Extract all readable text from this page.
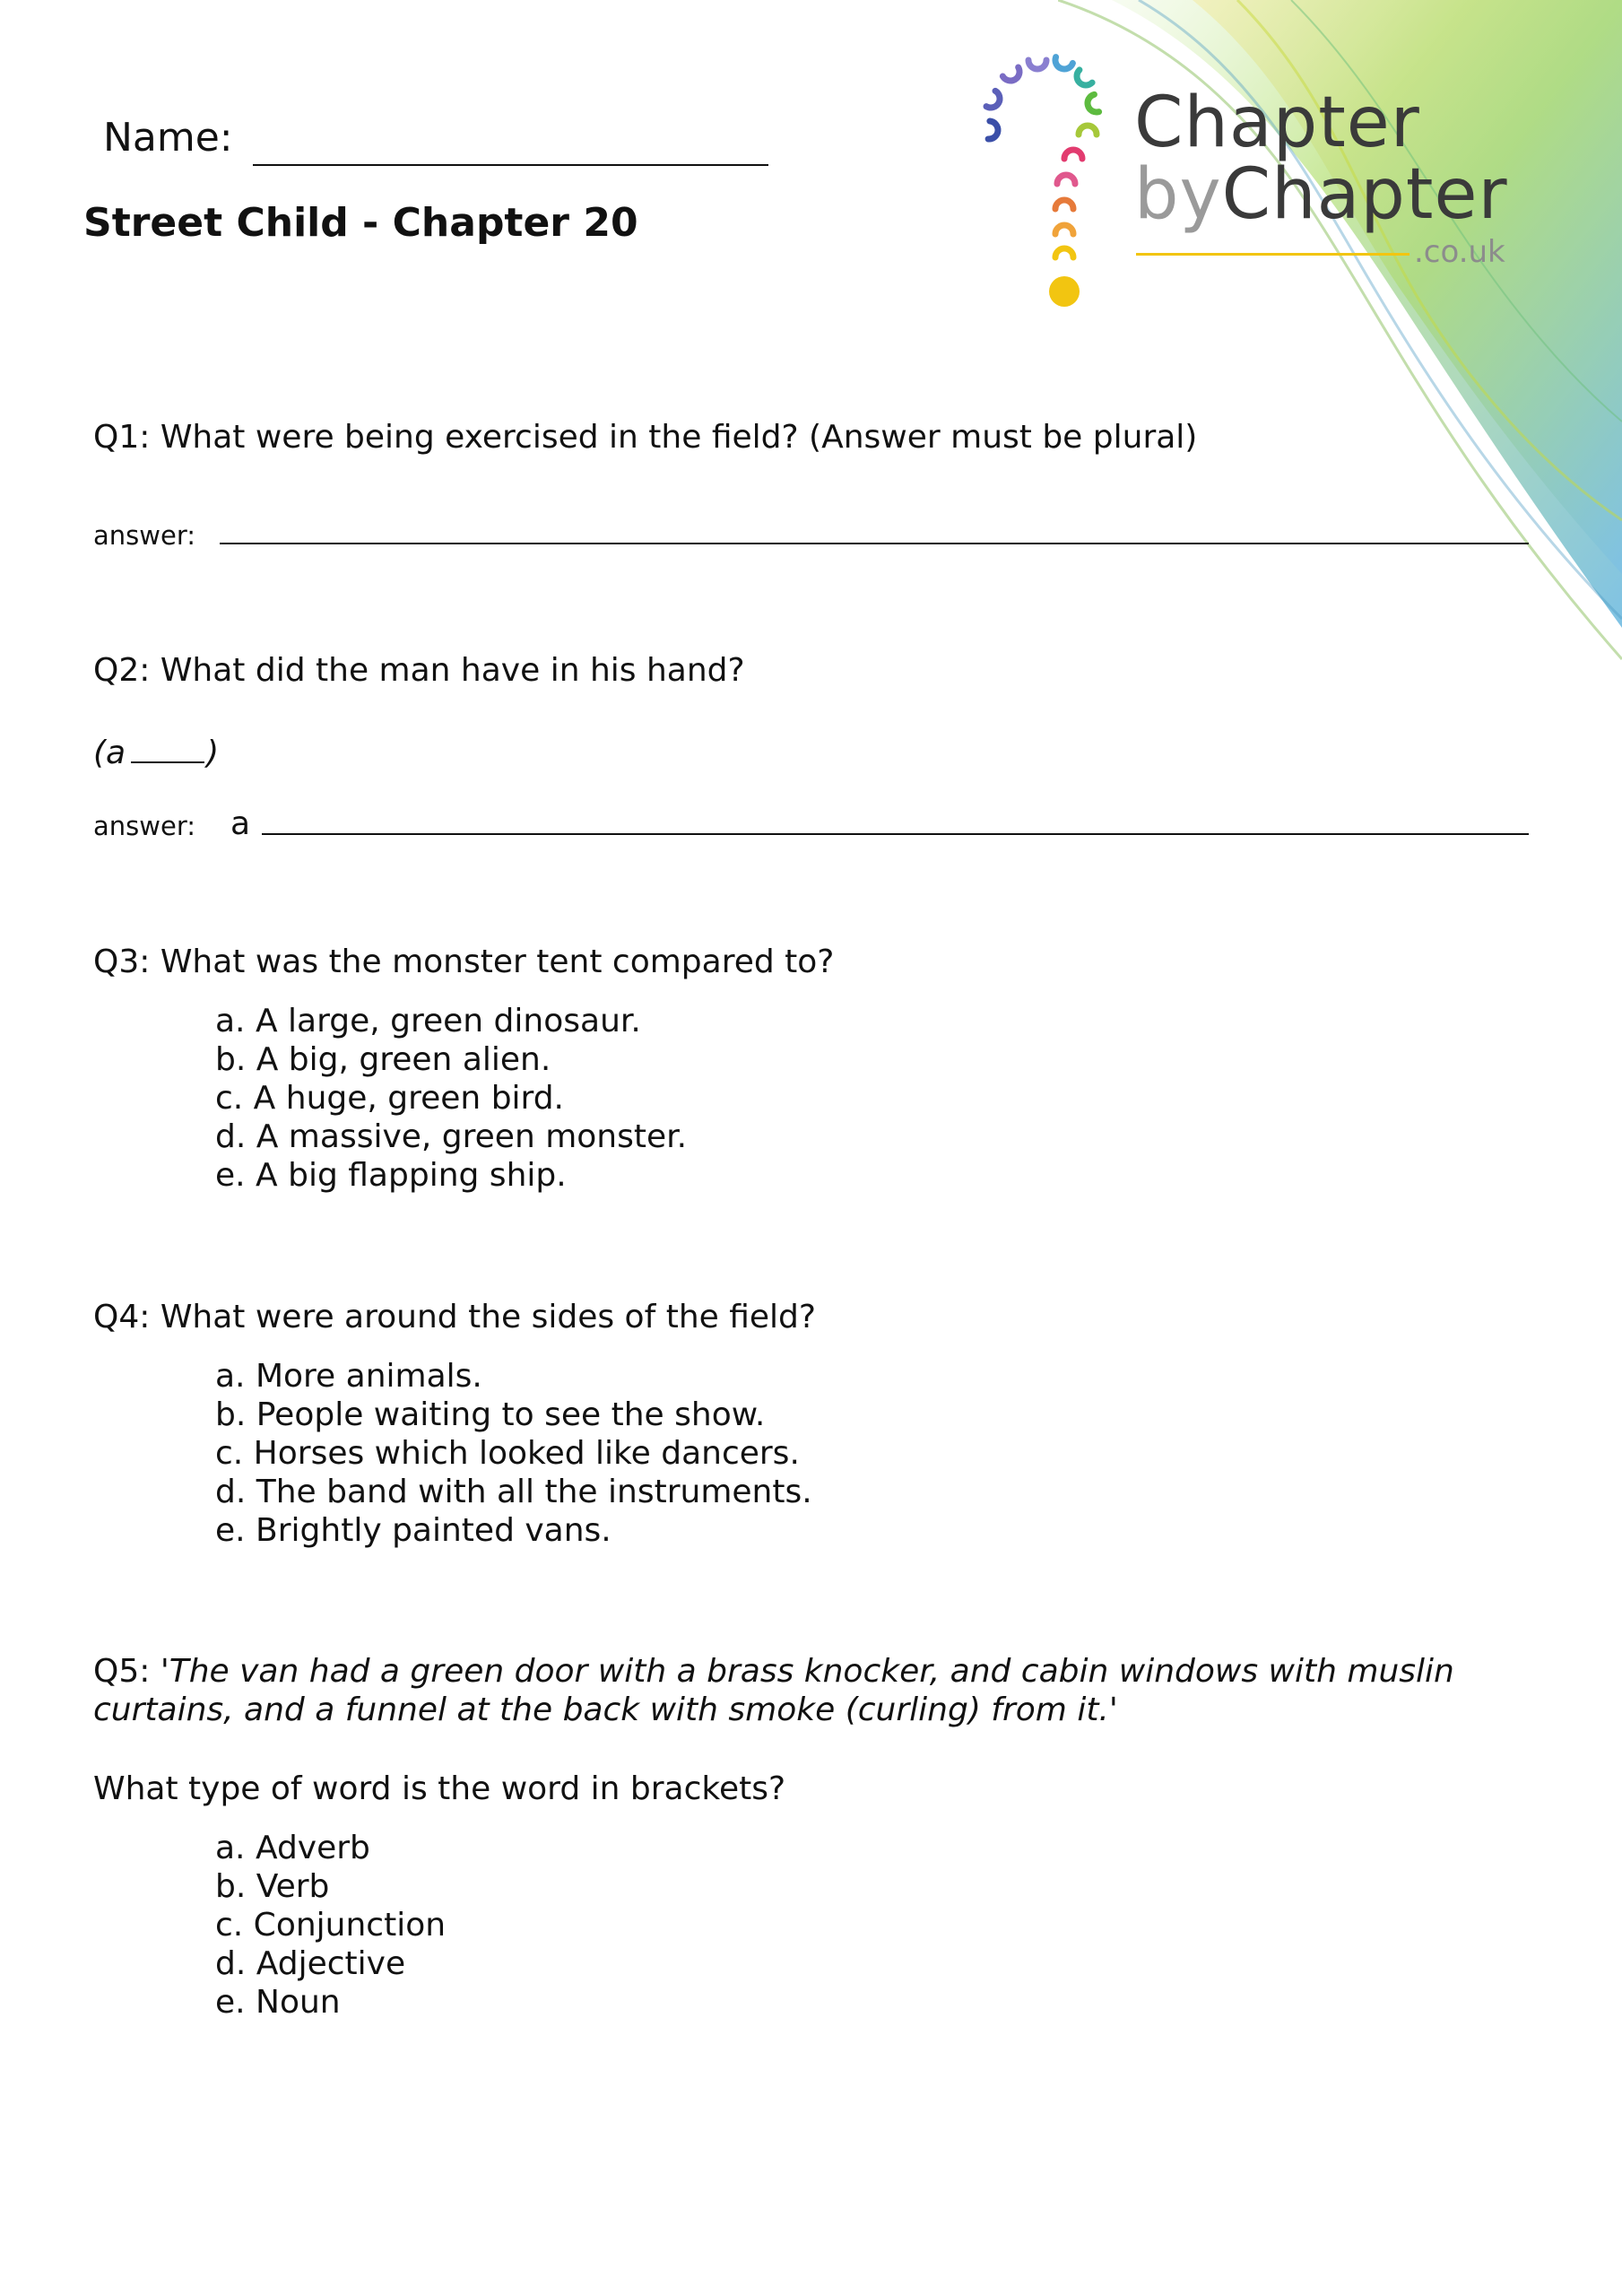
Chapter
byChapter
.co.uk
Name:
Street Child - Chapter 20
Q1: What were being exercised in the field? (Answer must be plural)
answer:
Q2: What did the man have in his hand?
(a	)
answer: a
Q3: What was the monster tent compared to?
a. A large, green dinosaur.
b. A big, green alien.
c. A huge, green bird.
d. A massive, green monster.
e. A big flapping ship.
Q4: What were around the sides of the field?
a. More animals.
b. People waiting to see the show.
c. Horses which looked like dancers.
d. The band with all the instruments.
e. Brightly painted vans.
Q5: 'The van had a green door with a brass knocker, and cabin windows with muslin
curtains, and a funnel at the back with smoke (curling) from it.'
What type of word is the word in brackets?
a. Adverb
b. Verb
c. Conjunction
d. Adjective
e. Noun
